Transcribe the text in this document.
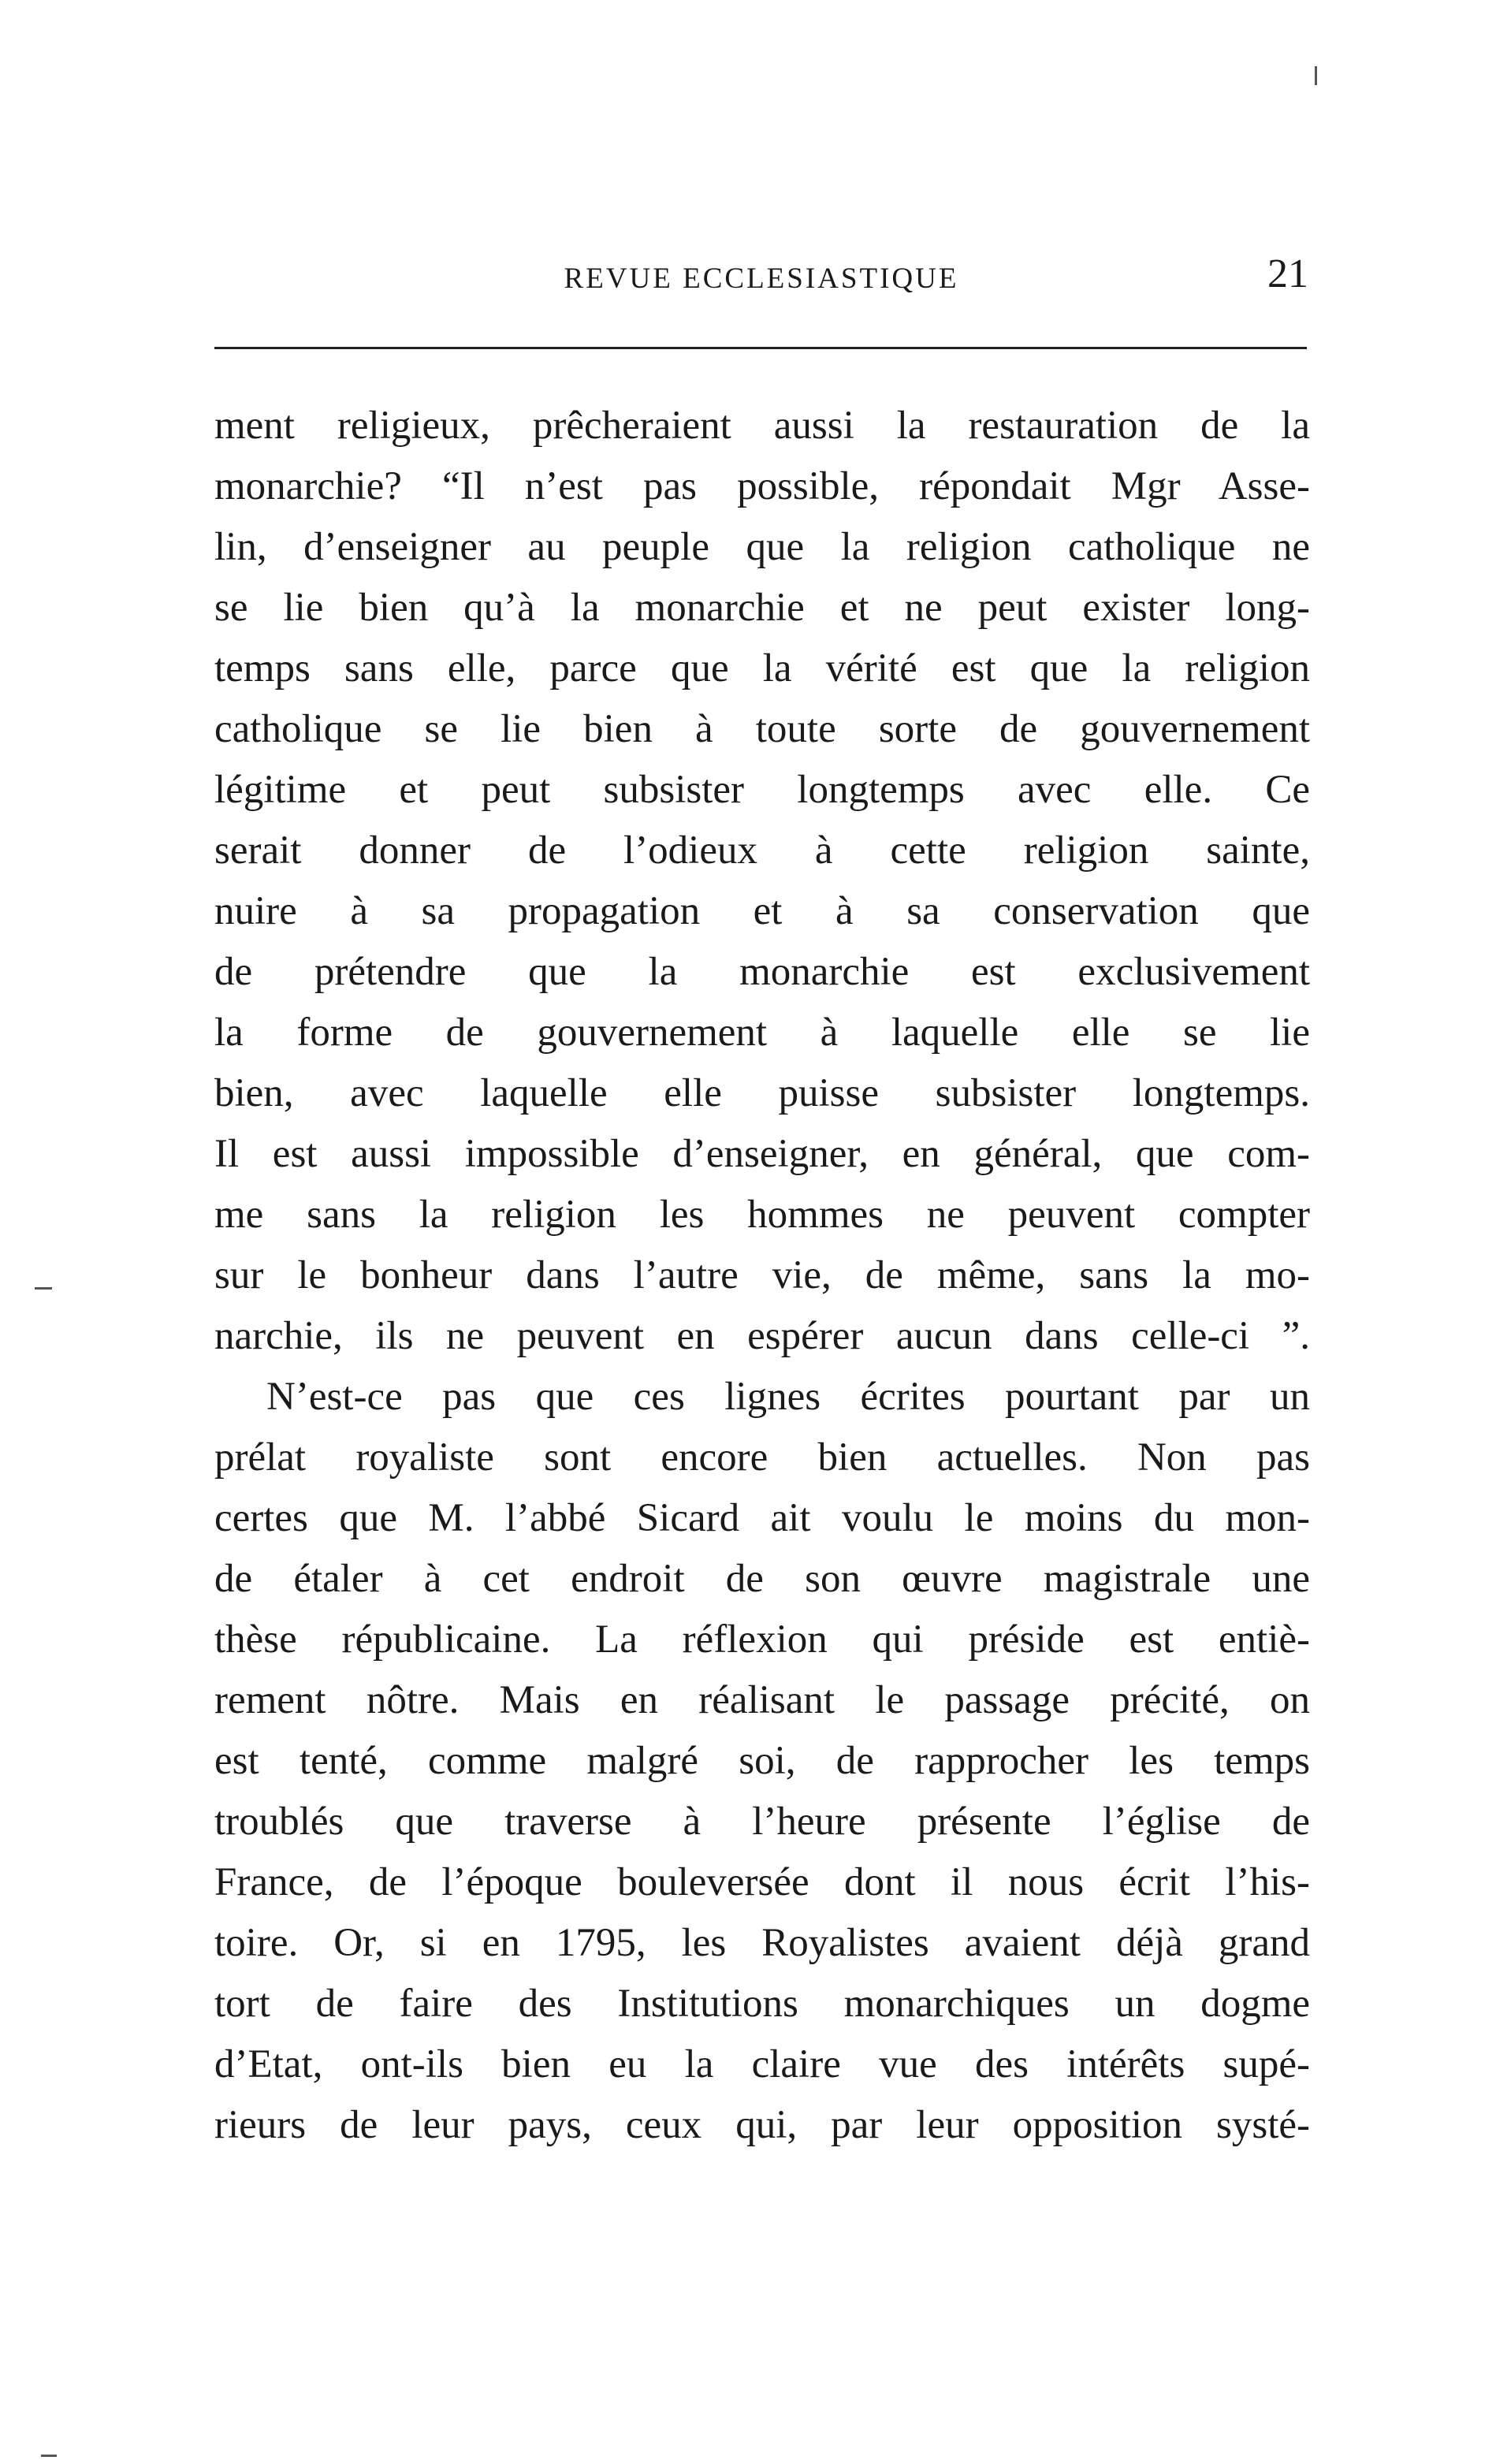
REVUE ECCLESIASTIQUE	21
ment religieux, prêcheraient aussi la restauration de la
monarchie? “Il n’est pas possible, répondait Mgr Asse-
lin, d’enseigner au peuple que la religion catholique ne
se lie bien qu’à la monarchie et ne peut exister long-
temps sans elle, parce que la vérité est que la religion
catholique se lie bien à toute sorte de gouvernement
légitime et peut subsister longtemps avec elle. Ce
serait donner de l’odieux à cette religion sainte,
nuire à sa propagation et à sa conservation que
de prétendre que la monarchie est exclusivement
la forme de gouvernement à laquelle elle se lie
bien, avec laquelle elle puisse subsister longtemps.
Il est aussi impossible d’enseigner, en général, que com-
me sans la religion les hommes ne peuvent compter
sur le bonheur dans l’autre vie, de même, sans la mo-
narchie, ils ne peuvent en espérer aucun dans celle-ci ”.
N’est-ce pas que ces lignes écrites pourtant par un
prélat royaliste sont encore bien actuelles. Non pas
certes que M. l’abbé Sicard ait voulu le moins du mon-
de étaler à cet endroit de son œuvre magistrale une
thèse républicaine. La réflexion qui préside est entiè-
rement nôtre. Mais en réalisant le passage précité, on
est tenté, comme malgré soi, de rapprocher les temps
troublés que traverse à l’heure présente l’église de
France, de l’époque bouleversée dont il nous écrit l’his-
toire. Or, si en 1795, les Royalistes avaient déjà grand
tort de faire des Institutions monarchiques un dogme
d’Etat, ont-ils bien eu la claire vue des intérêts supé-
rieurs de leur pays, ceux qui, par leur opposition systé-
